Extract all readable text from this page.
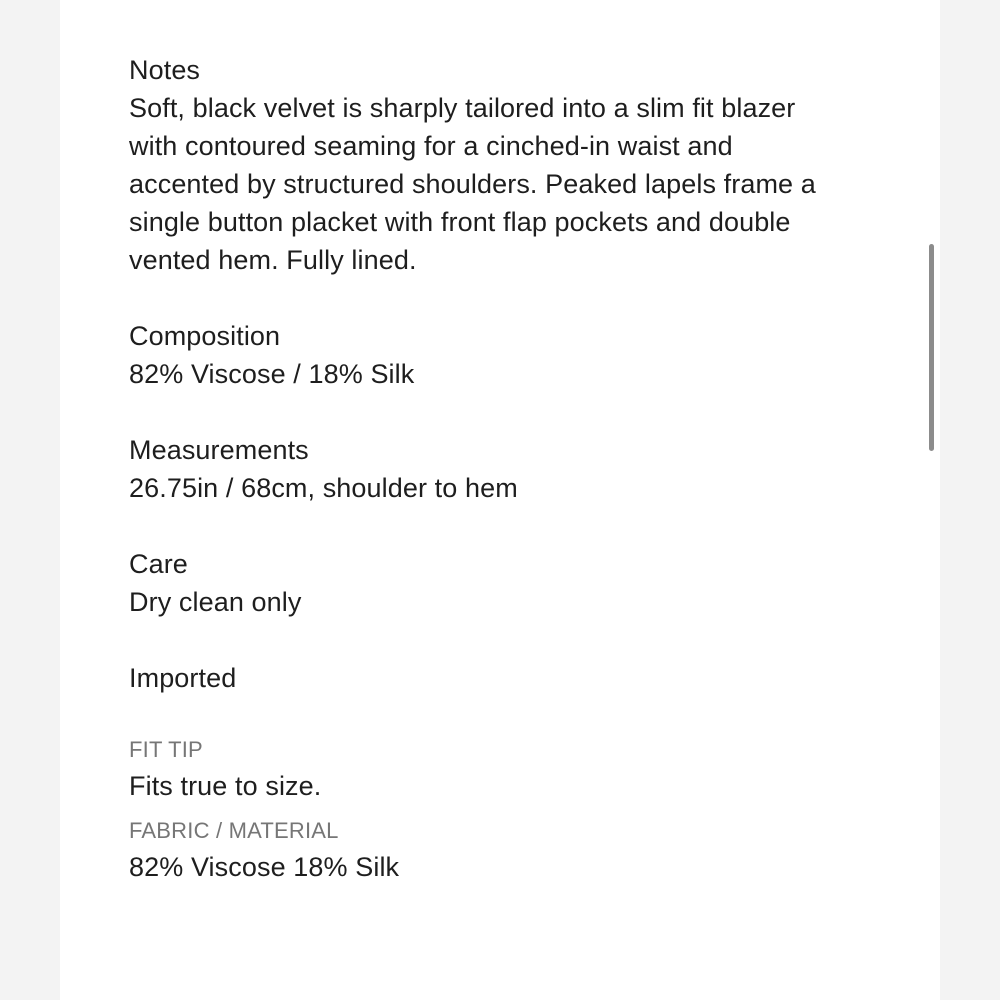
Notes

Soft, black velvet is sharply tailored into a slim fit blazer with contoured seaming for a cinched-in waist and accented by structured shoulders. Peaked lapels frame a single button placket with front flap pockets and double vented hem. Fully lined.

Composition

82% Viscose / 18% Silk

Measurements

26.75in / 68cm, shoulder to hem

Care

Dry clean only

Imported

FIT TIP
Fits true to size.
FABRIC / MATERIAL
82% Viscose 18% Silk
